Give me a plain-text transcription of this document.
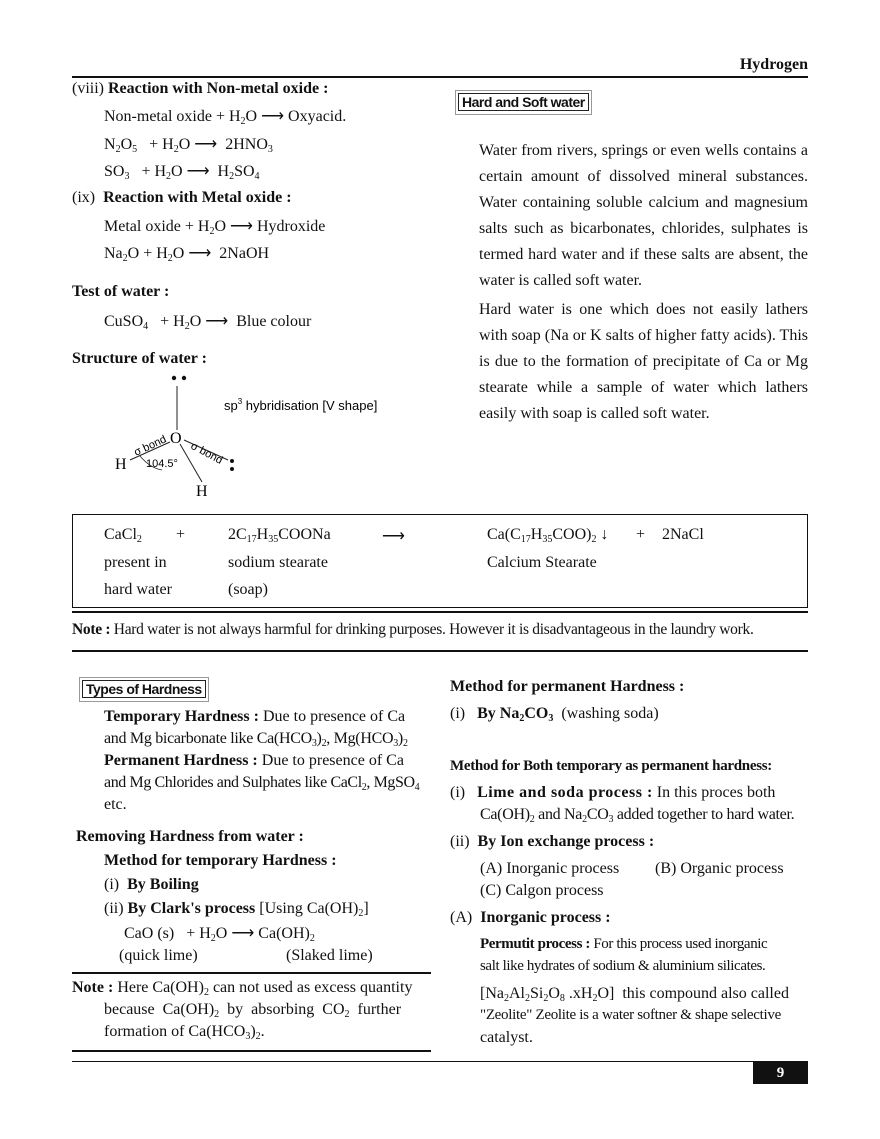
Hydrogen
(viii) Reaction with Non-metal oxide :
Non-metal oxide + $H_2O$ ⟶ Oxyacid.
$N_2O_5 + H_2O$ ⟶  $2HNO_3$
$SO_3 + H_2O$ ⟶  $H_2SO_4$
(ix) Reaction with Metal oxide :
Metal oxide + $H_2O$ ⟶ Hydroxide
$Na_2O + H_2O$ ⟶  2NaOH
Test of water :
CuSO$_4$ + $H_2O$ ⟶  Blue colour
Structure of water :
O
H
H
σ bond σ bond
104.5°
$sp^3$ hybridisation [V shape]
Hard and Soft water
Water from rivers, springs or even wells contains a certain amount of dissolved mineral substances. Water containing soluble calcium and magnesium salts such as bicarbonates, chlorides, sulphates is termed hard water and if these salts are absent, the water is called soft water.
Hard water is one which does not easily lathers with soap (Na or K salts of higher fatty acids). This is due to the formation of precipitate of Ca or Mg stearate while a sample of water which lathers easily with soap is called soft water.
CaCl$_2$ +	$2C_{17}H_{35}COONa$	⟶	$Ca(C_{17}H_{35}COO)_2$ ↓ + 2NaCl
present in	sodium stearate	Calcium Stearate
hard water	(soap)
Note : Hard water is not always harmful for drinking purposes. However it is disadvantageous in the laundry work.
Types of Hardness
Temporary Hardness : Due to presence of Ca
and Mg bicarbonate like $Ca(HCO_3)_2$, $Mg(HCO_3)_2$
Permanent Hardness : Due to presence of Ca
and Mg Chlorides and Sulphates like CaCl$_2$, MgSO$_4$
etc.
Removing Hardness from water :
Method for temporary Hardness :
(i) By Boiling
(ii) By Clark's process [Using $Ca(OH)_2$]
CaO $(s) + H_2O$ ⟶ $Ca(OH)_2$
(quick lime)	(Slaked lime)
Note : Here $Ca(OH)_2$ can not used as excess quantity
because $Ca(OH)_2$ by absorbing $CO_2$ further
formation of $Ca(HCO_3)_2$.
Method for permanent Hardness :
(i) By $Na_2CO_3$ (washing soda)
Method for Both temporary as permanent hardness:
(i) Lime and soda process : In this proces both
$Ca(OH)_2$ and $Na_2CO_3$ added together to hard water.
(ii) By Ion exchange process :
(A) Inorganic process (B) Organic process
(C) Calgon process
(A) Inorganic process :
Permutit process : For this process used inorganic
salt like hydrates of sodium & aluminium silicates.
[$Na_2Al_2Si_2O_8$ $.xH_2O$]  this compound also called
"Zeolite" Zeolite is a water softner & shape selective
catalyst.
9
